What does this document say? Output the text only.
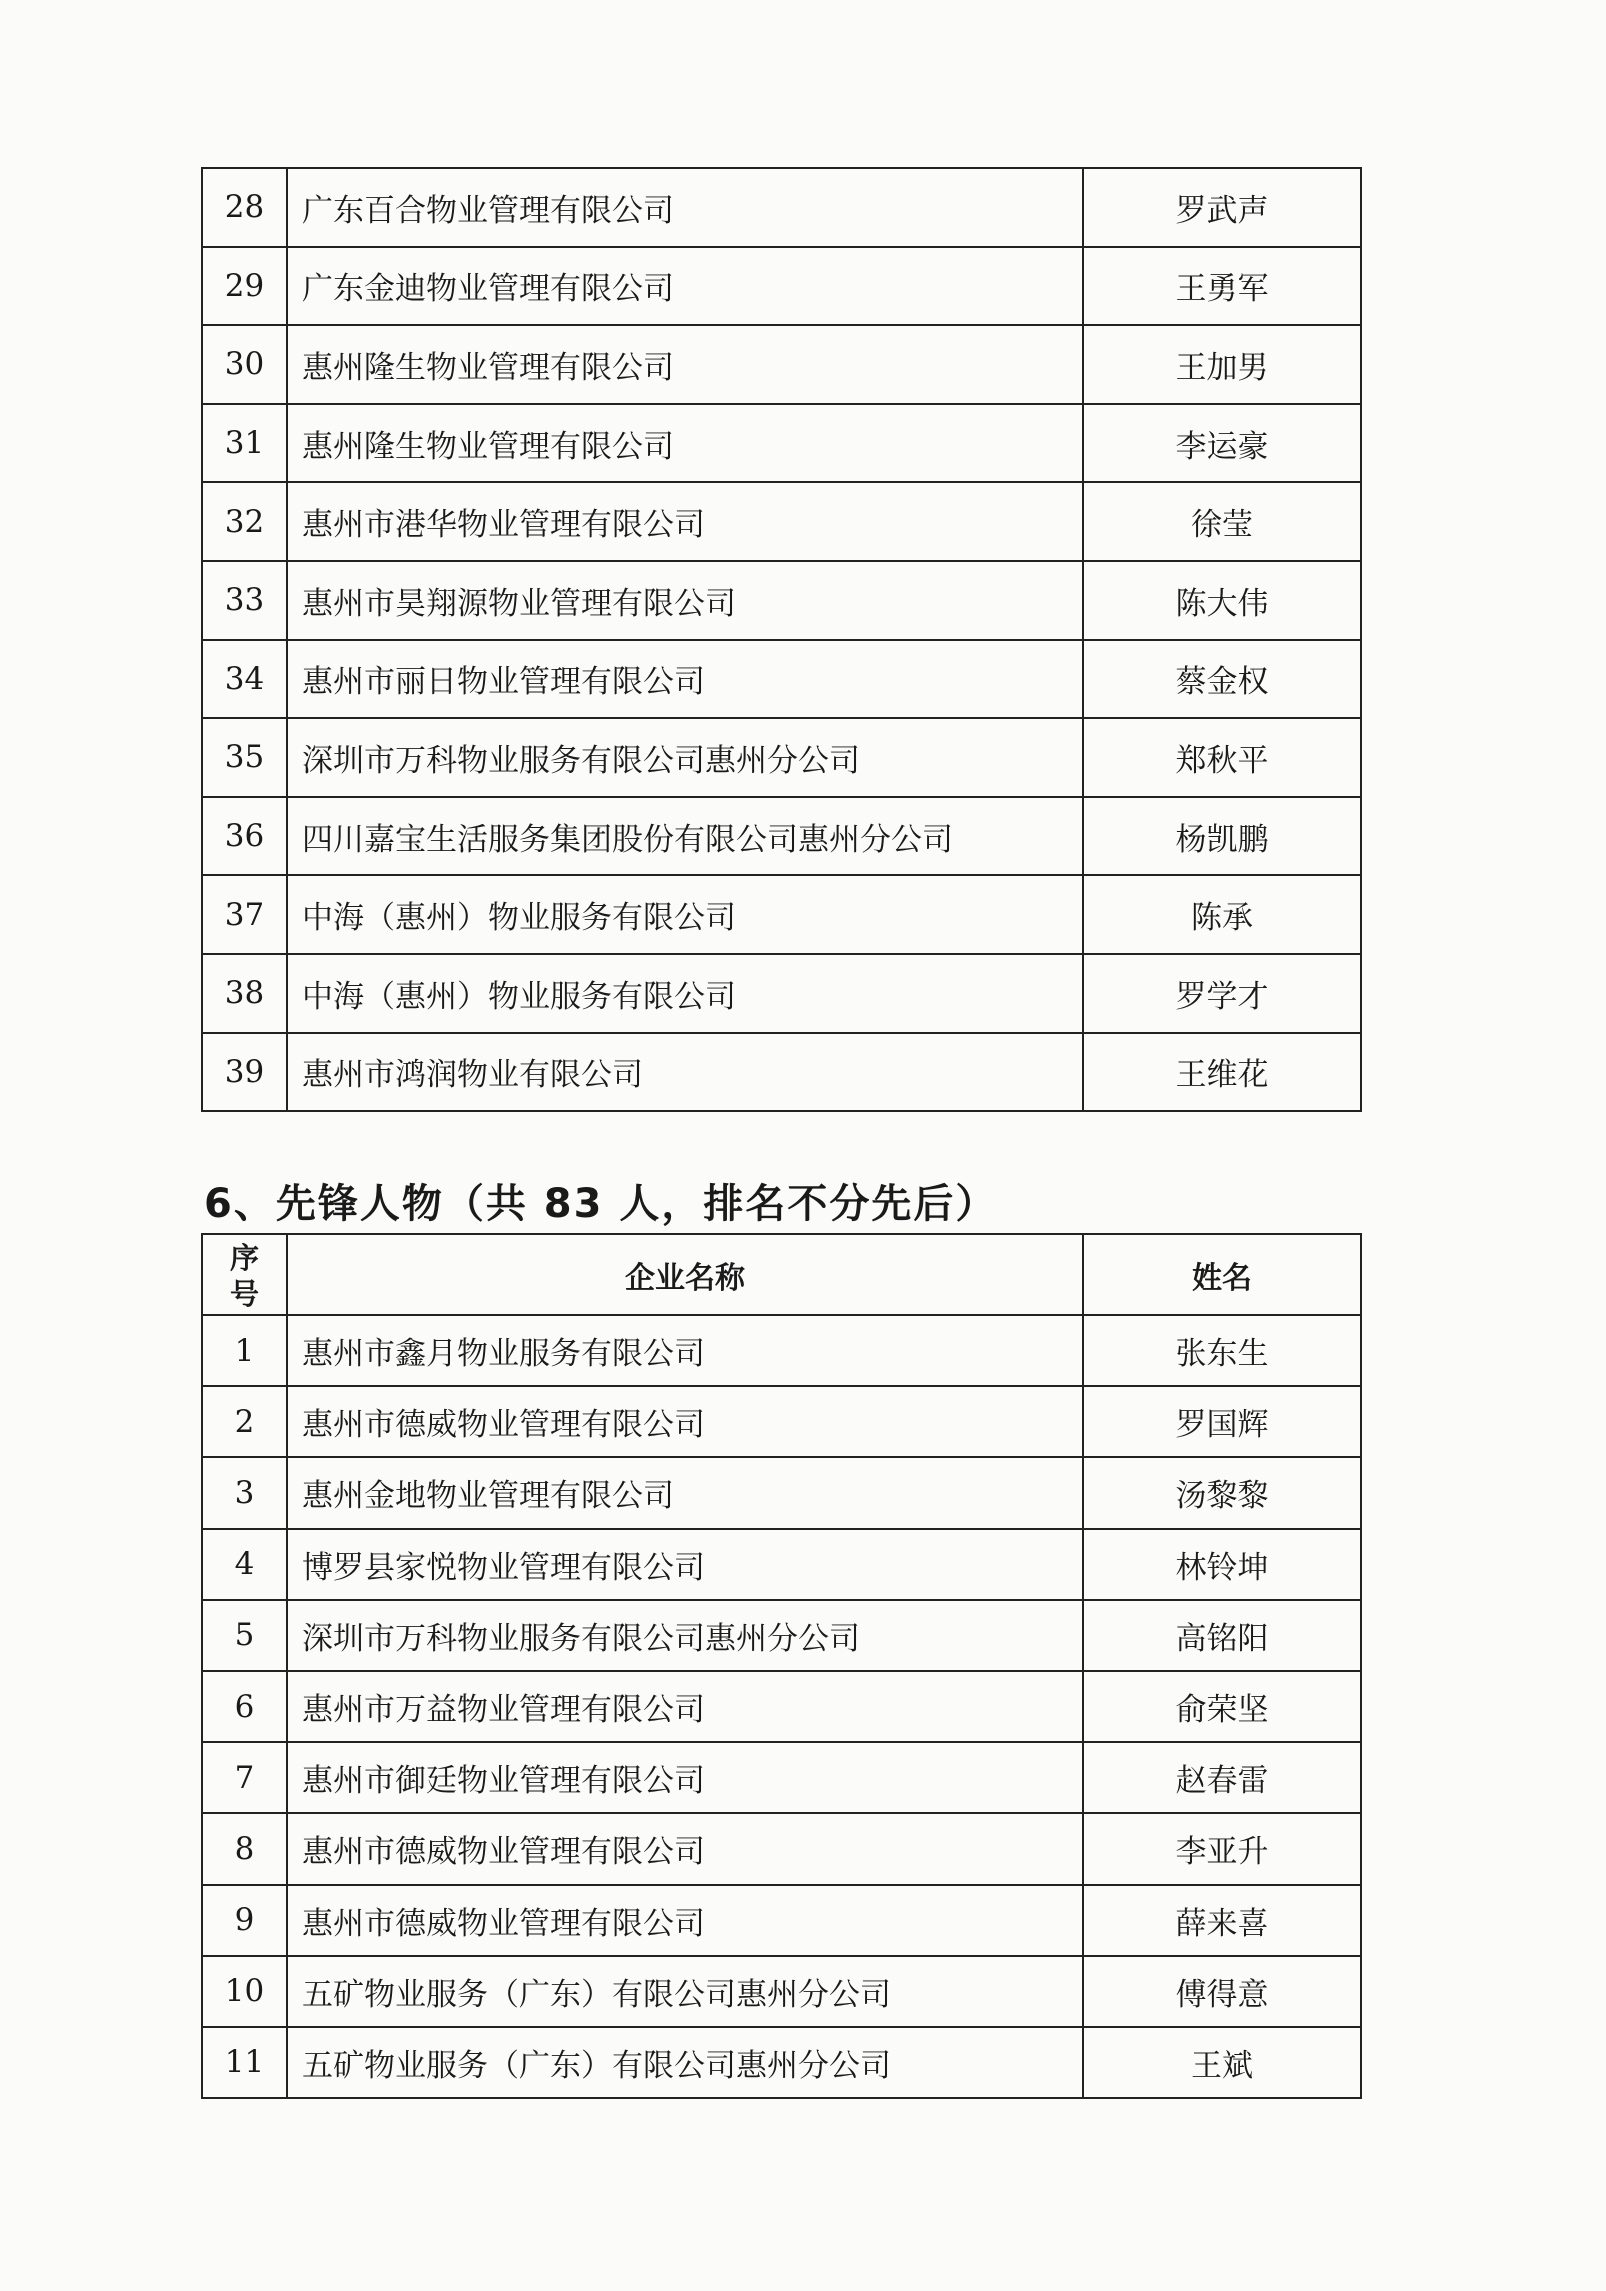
28	广东百合物业管理有限公司	罗武声
29	广东金迪物业管理有限公司	王勇军
30	惠州隆生物业管理有限公司	王加男
31	惠州隆生物业管理有限公司	李运豪
32	惠州市港华物业管理有限公司	徐莹
33	惠州市昊翔源物业管理有限公司	陈大伟
34	惠州市丽日物业管理有限公司	蔡金权
35	深圳市万科物业服务有限公司惠州分公司	郑秋平
36	四川嘉宝生活服务集团股份有限公司惠州分公司	杨凯鹏
37	中海（惠州）物业服务有限公司	陈承
38	中海（惠州）物业服务有限公司	罗学才
39	惠州市鸿润物业有限公司	王维花
6、先锋人物（共 83 人，排名不分先后）
序
号	企业名称	姓名
1	惠州市鑫月物业服务有限公司	张东生
2	惠州市德威物业管理有限公司	罗国辉
3	惠州金地物业管理有限公司	汤黎黎
4	博罗县家悦物业管理有限公司	林铃坤
5	深圳市万科物业服务有限公司惠州分公司	高铭阳
6	惠州市万益物业管理有限公司	俞荣坚
7	惠州市御廷物业管理有限公司	赵春雷
8	惠州市德威物业管理有限公司	李亚升
9	惠州市德威物业管理有限公司	薛来喜
10	五矿物业服务（广东）有限公司惠州分公司	傅得意
11	五矿物业服务（广东）有限公司惠州分公司	王斌
